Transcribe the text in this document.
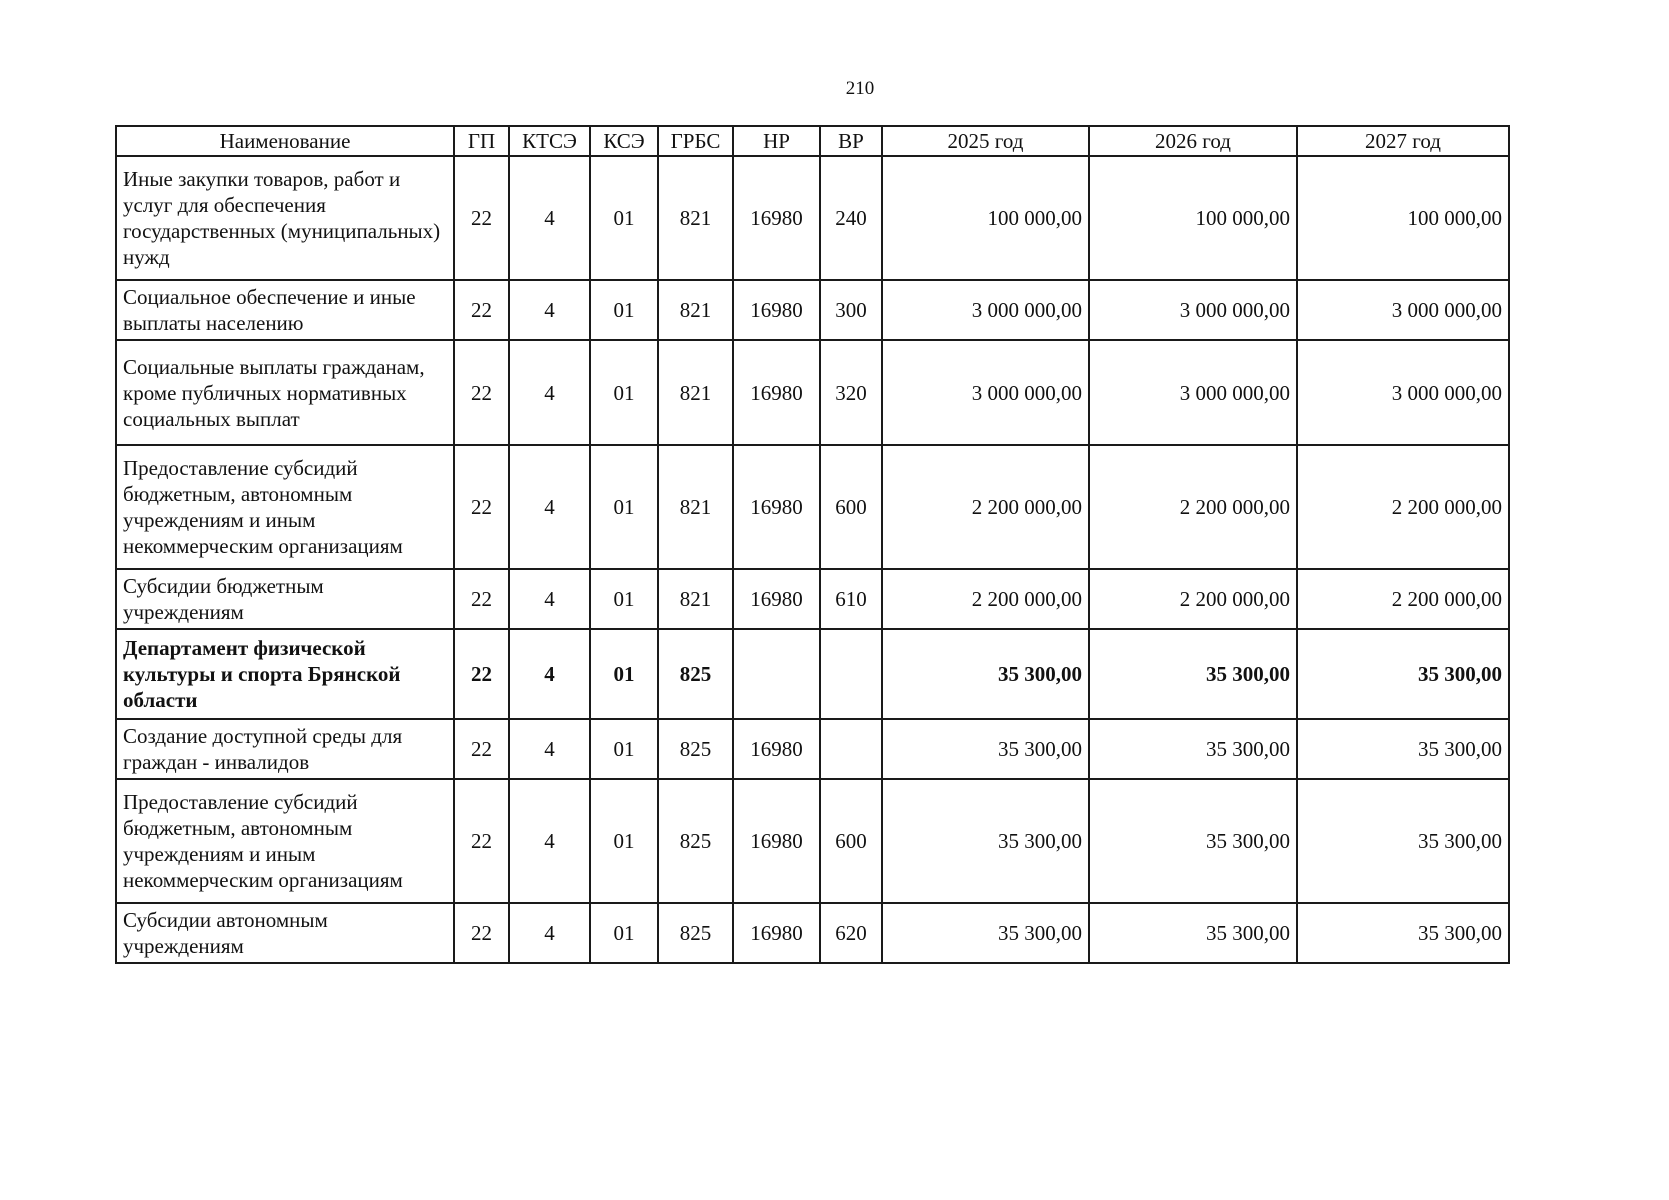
210
Наименование	ГП	КТСЭ	КСЭ	ГРБС	НР	ВР	2025 год	2026 год	2027 год
Иные закупки товаров, работ и услуг для обеспечения государственных (муниципальных) нужд	22	4	01	821	16980	240	100 000,00	100 000,00	100 000,00
Социальное обеспечение и иные выплаты населению	22	4	01	821	16980	300	3 000 000,00	3 000 000,00	3 000 000,00
Социальные выплаты гражданам, кроме публичных нормативных социальных выплат	22	4	01	821	16980	320	3 000 000,00	3 000 000,00	3 000 000,00
Предоставление субсидий бюджетным, автономным учреждениям и иным некоммерческим организациям	22	4	01	821	16980	600	2 200 000,00	2 200 000,00	2 200 000,00
Субсидии бюджетным учреждениям	22	4	01	821	16980	610	2 200 000,00	2 200 000,00	2 200 000,00
Департамент физической культуры и спорта Брянской области	22	4	01	825			35 300,00	35 300,00	35 300,00
Создание доступной среды для граждан - инвалидов	22	4	01	825	16980		35 300,00	35 300,00	35 300,00
Предоставление субсидий бюджетным, автономным учреждениям и иным некоммерческим организациям	22	4	01	825	16980	600	35 300,00	35 300,00	35 300,00
Субсидии автономным учреждениям	22	4	01	825	16980	620	35 300,00	35 300,00	35 300,00
